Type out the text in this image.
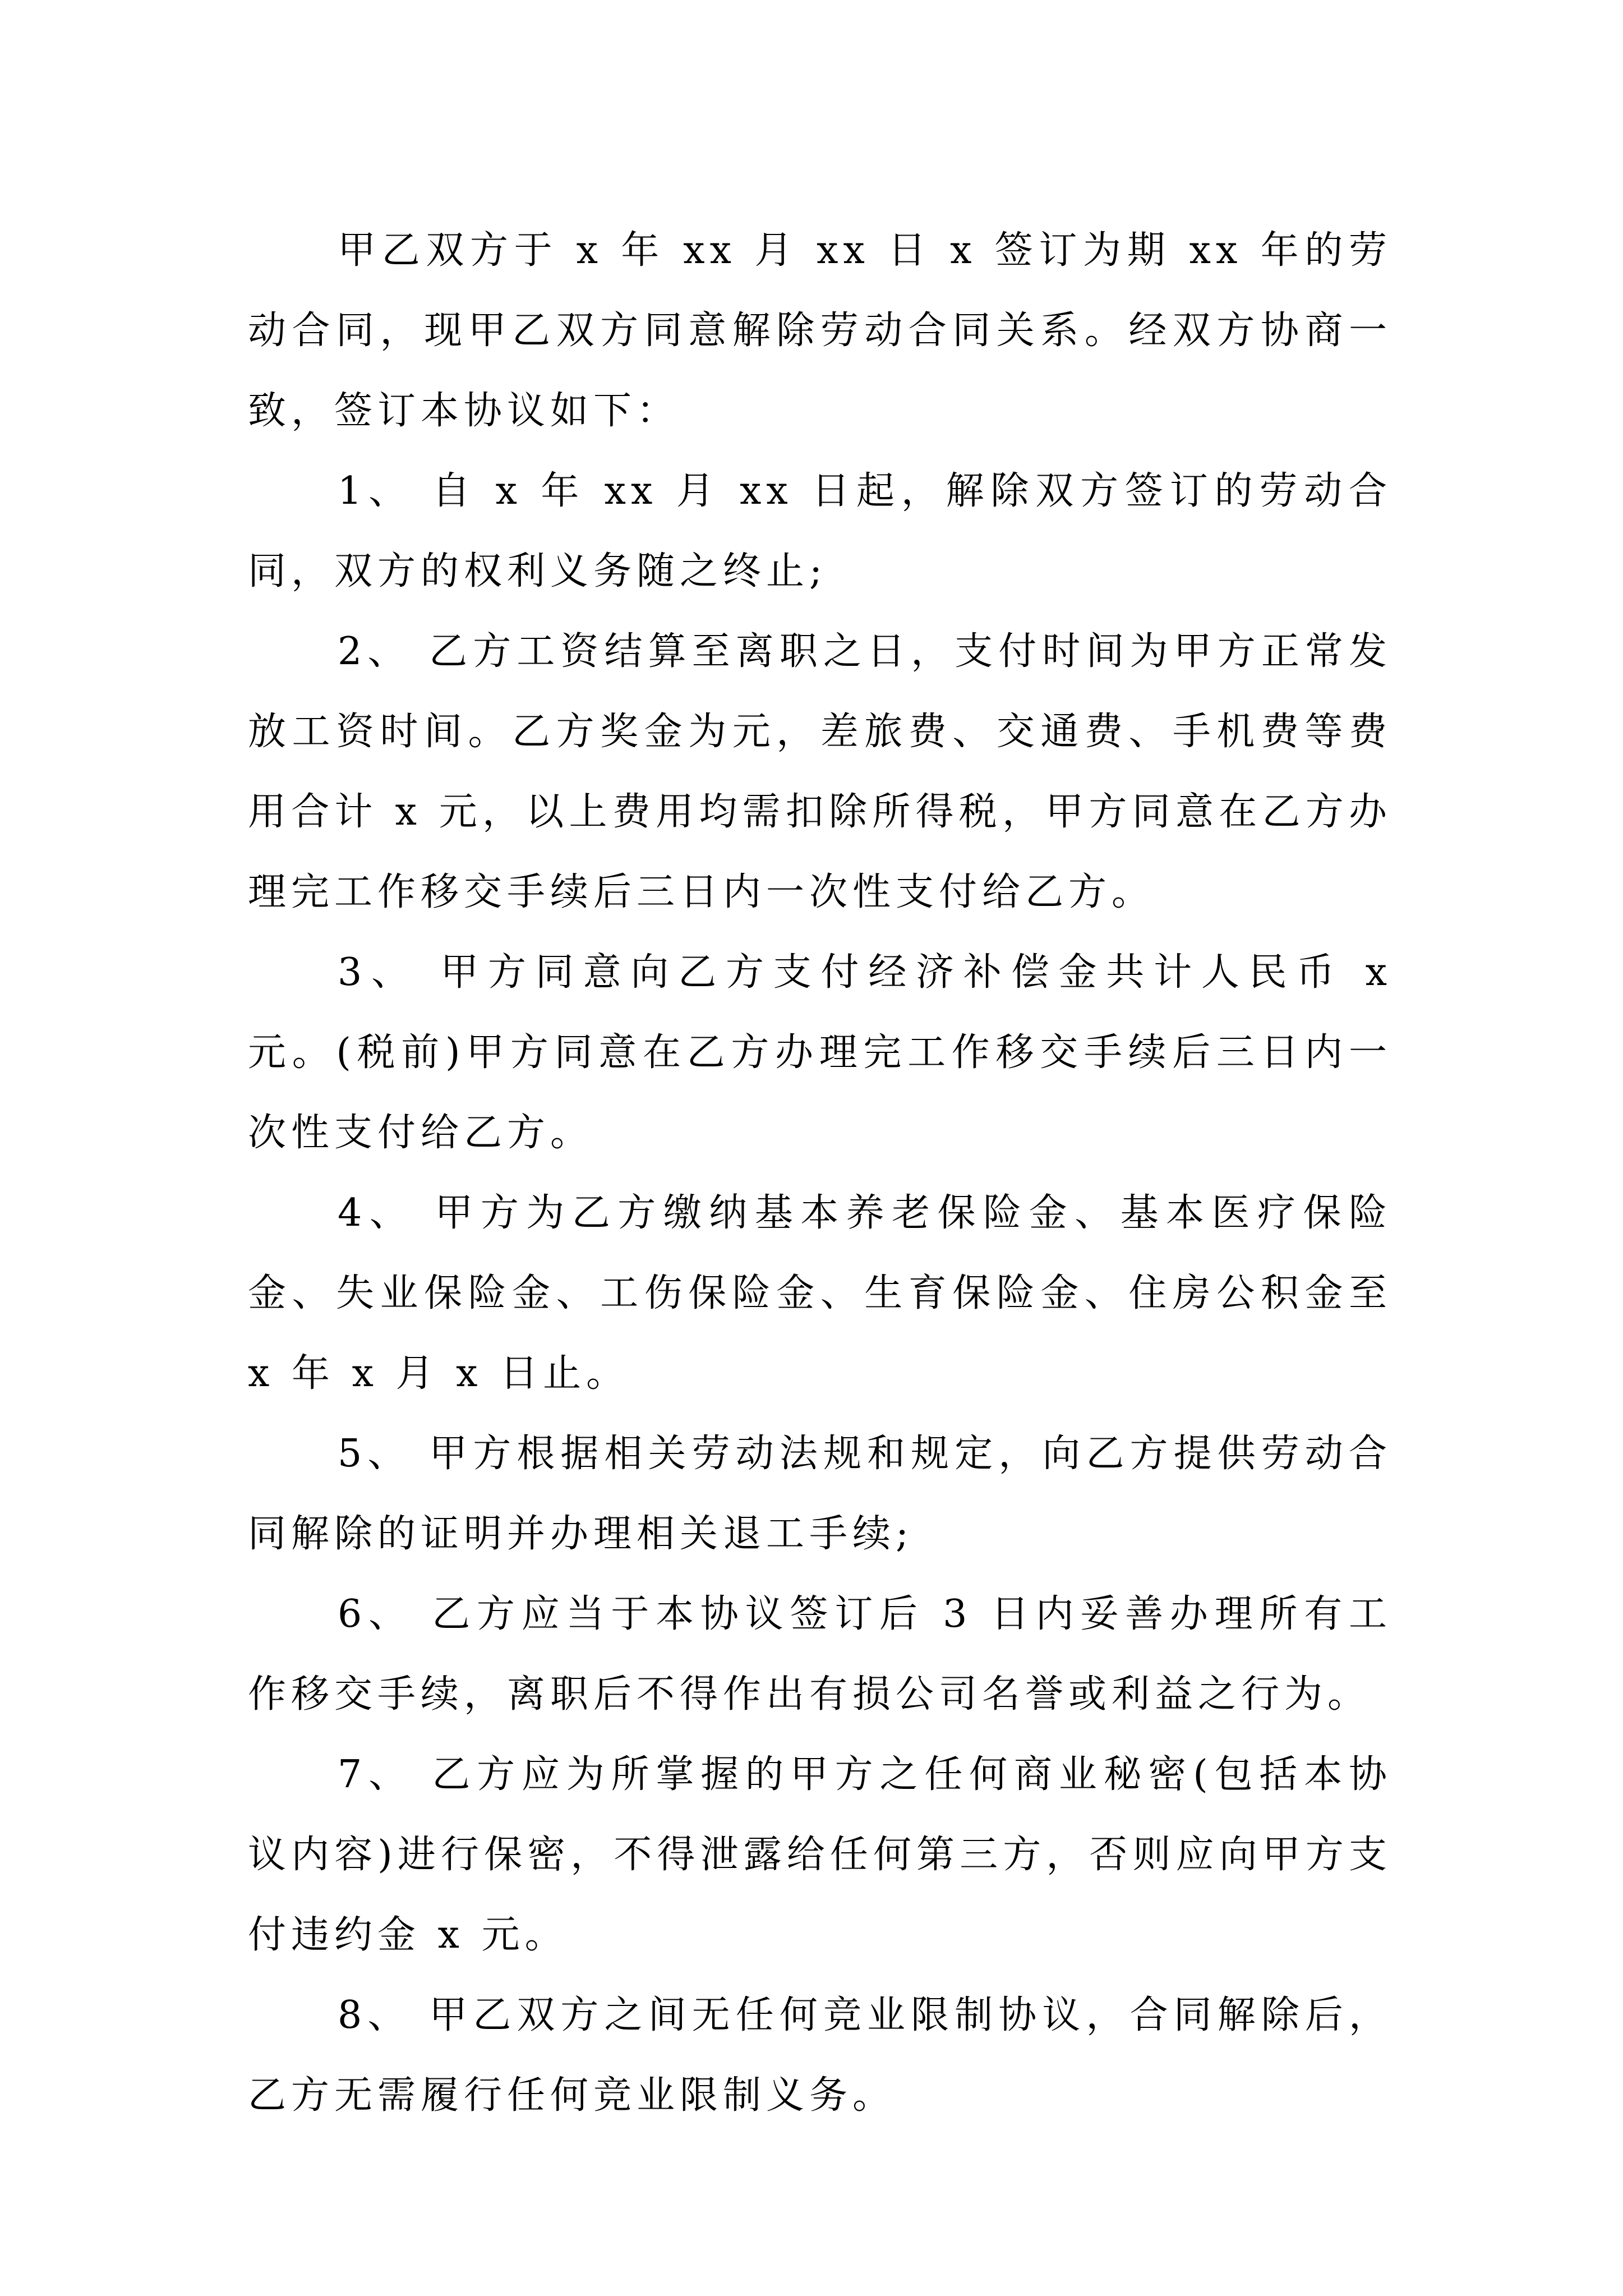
甲乙双方于 x 年 xx 月 xx 日 x 签订为期 xx 年的劳动合同，现甲乙双方同意解除劳动合同关系。经双方协商一致，签订本协议如下：

1、 自 x 年 xx 月 xx 日起，解除双方签订的劳动合同，双方的权利义务随之终止;

2、 乙方工资结算至离职之日，支付时间为甲方正常发放工资时间。乙方奖金为元，差旅费、交通费、手机费等费用合计 x 元，以上费用均需扣除所得税，甲方同意在乙方办理完工作移交手续后三日内一次性支付给乙方。

3、 甲方同意向乙方支付经济补偿金共计人民币 x 元。(税前)甲方同意在乙方办理完工作移交手续后三日内一次性支付给乙方。

4、 甲方为乙方缴纳基本养老保险金、基本医疗保险金、失业保险金、工伤保险金、生育保险金、住房公积金至 x 年 x 月 x 日止。

5、 甲方根据相关劳动法规和规定，向乙方提供劳动合同解除的证明并办理相关退工手续;

6、 乙方应当于本协议签订后 3 日内妥善办理所有工作移交手续，离职后不得作出有损公司名誉或利益之行为。

7、 乙方应为所掌握的甲方之任何商业秘密(包括本协议内容)进行保密，不得泄露给任何第三方，否则应向甲方支付违约金 x 元。

8、 甲乙双方之间无任何竞业限制协议，合同解除后，乙方无需履行任何竞业限制义务。
